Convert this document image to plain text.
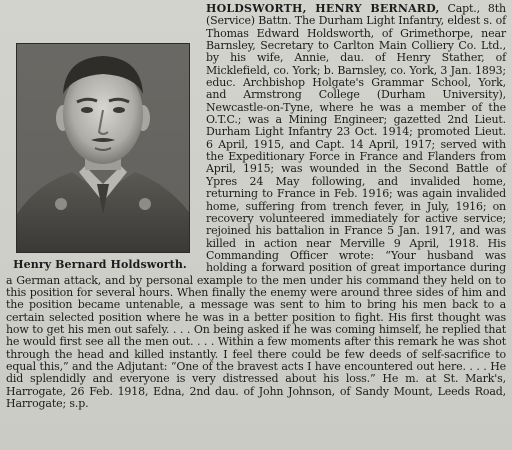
Henry Bernard Holdsworth.

HOLDSWORTH, HENRY BERNARD, Capt., 8th (Service) Battn. The Durham Light Infantry, eldest s. of Thomas Edward Holdsworth, of Grimethorpe, near Barnsley, Secretary to Carlton Main Colliery Co. Ltd., by his wife, Annie, dau. of Henry Stather, of Micklefield, co. York; b. Barnsley, co. York, 3 Jan. 1893; educ. Archbishop Holgate's Grammar School, York, and Armstrong College (Durham University), Newcastle-on-Tyne, where he was a member of the O.T.C.; was a Mining Engineer; gazetted 2nd Lieut. Durham Light Infantry 23 Oct. 1914; promoted Lieut. 6 April, 1915, and Capt. 14 April, 1917; served with the Expeditionary Force in France and Flanders from April, 1915; was wounded in the Second Battle of Ypres 24 May following, and invalided home, returning to France in Feb. 1916; was again invalided home, suffering from trench fever, in July, 1916; on recovery volunteered immediately for active service; rejoined his battalion in France 5 Jan. 1917, and was killed in action near Merville 9 April, 1918. His Commanding Officer wrote: “Your husband was holding a forward position of great importance during a German attack, and by personal example to the men under his command they held on to this position for several hours. When finally the enemy were around three sides of him and the position became untenable, a message was sent to him to bring his men back to a certain selected position where he was in a better position to fight. His first thought was how to get his men out safely. . . . On being asked if he was coming himself, he replied that he would first see all the men out. . . . Within a few moments after this remark he was shot through the head and killed instantly. I feel there could be few deeds of self-sacrifice to equal this,” and the Adjutant: “One of the bravest acts I have encountered out here. . . . He did splendidly and everyone is very distressed about his loss.” He m. at St. Mark's, Harrogate, 26 Feb. 1918, Edna, 2nd dau. of John Johnson, of Sandy Mount, Leeds Road, Harrogate; s.p.
